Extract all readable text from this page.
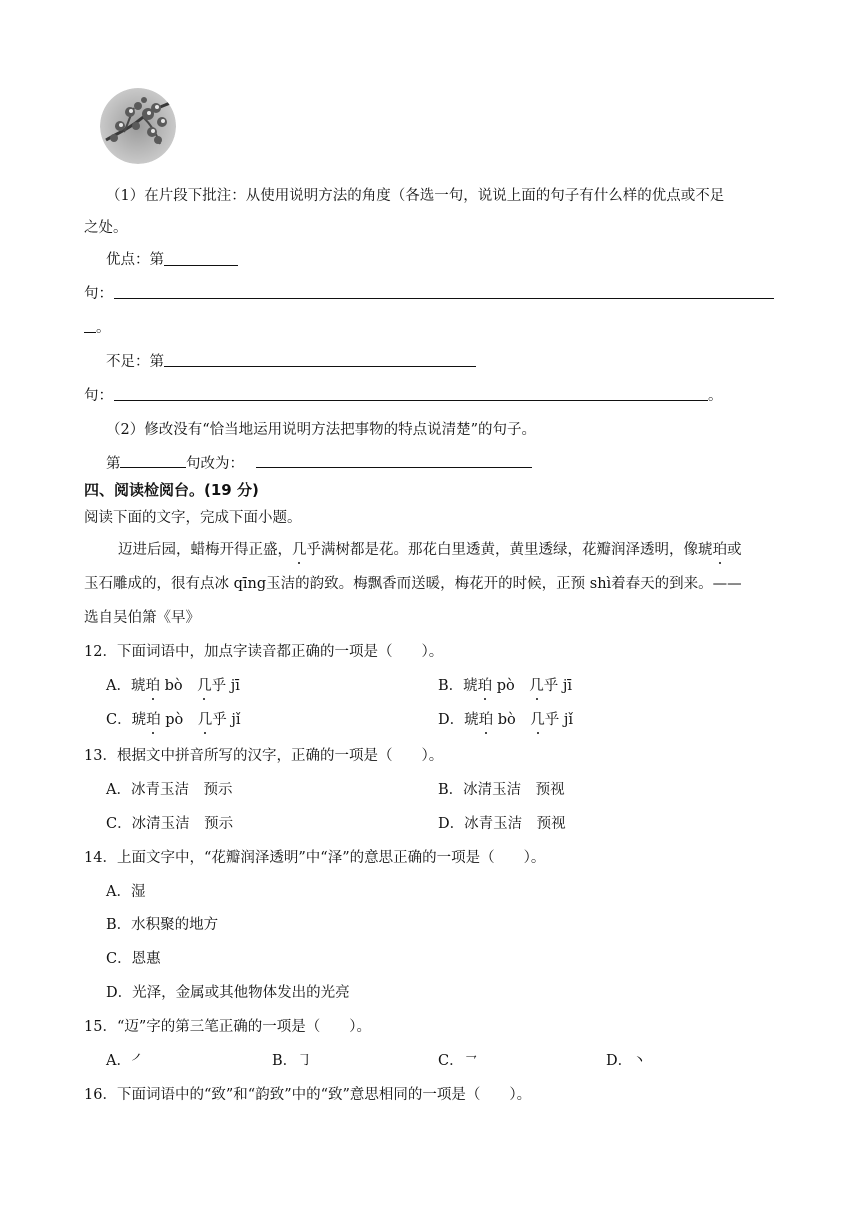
（1）在片段下批注：从使用说明方法的角度（各选一句，说说上面的句子有什么样的优点或不足
之处。
优点：第
句：
。
不足：第
句：	。
（2）修改没有“恰当地运用说明方法把事物的特点说清楚”的句子。
第	句改为：
四、阅读检阅台。(19 分)
阅读下面的文字，完成下面小题。
迈进后园，蜡梅开得正盛，几乎满树都是花。那花白里透黄，黄里透绿，花瓣润泽透明，像琥珀或
玉石雕成的，很有点冰 qīng玉洁的韵致。梅飘香而送暖，梅花开的时候，正预 shì着春天的到来。——
选自吴伯箫《早》
12．下面词语中，加点字读音都正确的一项是（　　）。
A．琥珀 bò　几乎 jī	B．琥珀 pò　几乎 jī
C．琥珀 pò　几乎 jǐ	D．琥珀 bò　几乎 jǐ
13．根据文中拼音所写的汉字，正确的一项是（　　）。
A．冰青玉洁　预示	B．冰清玉洁　预视
C．冰清玉洁　预示	D．冰青玉洁　预视
14．上面文字中，“花瓣润泽透明”中“泽”的意思正确的一项是（　　）。
A．湿
B．水积聚的地方
C．恩惠
D．光泽，金属或其他物体发出的光亮
15．“迈”字的第三笔正确的一项是（　　）。
A．㇒	B．㇆	C．㇖	D．丶
16．下面词语中的“致”和“韵致”中的“致”意思相同的一项是（　　）。
